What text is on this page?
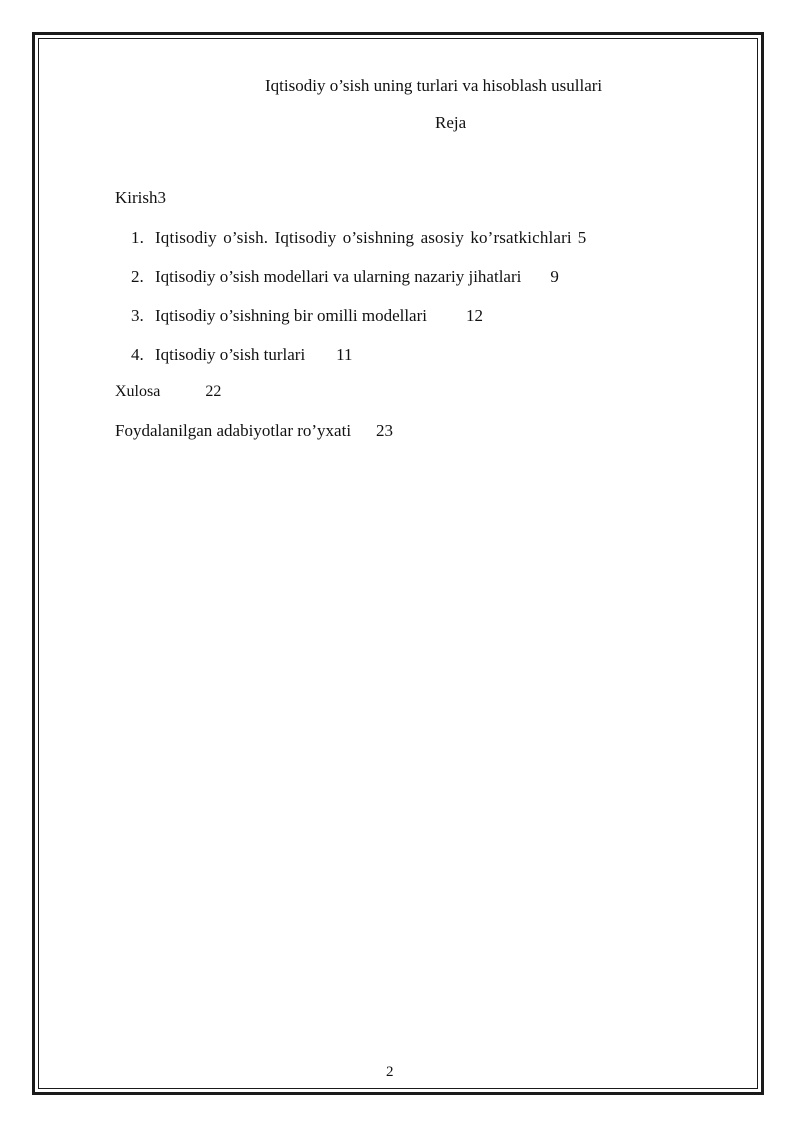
Iqtisodiy o’sish uning turlari va hisoblash usullari
Reja
Kirish3
1. Iqtisodiy o’sish. Iqtisodiy o’sishning asosiy ko’rsatkichlari 5
2. Iqtisodiy o’sish modellari va ularning nazariy jihatlari 9
3. Iqtisodiy o’sishning bir omilli modellari 12
4. Iqtisodiy o’sish turlari 11
Xulosa	22
Foydalanilgan adabiyotlar ro’yxati 23
2
